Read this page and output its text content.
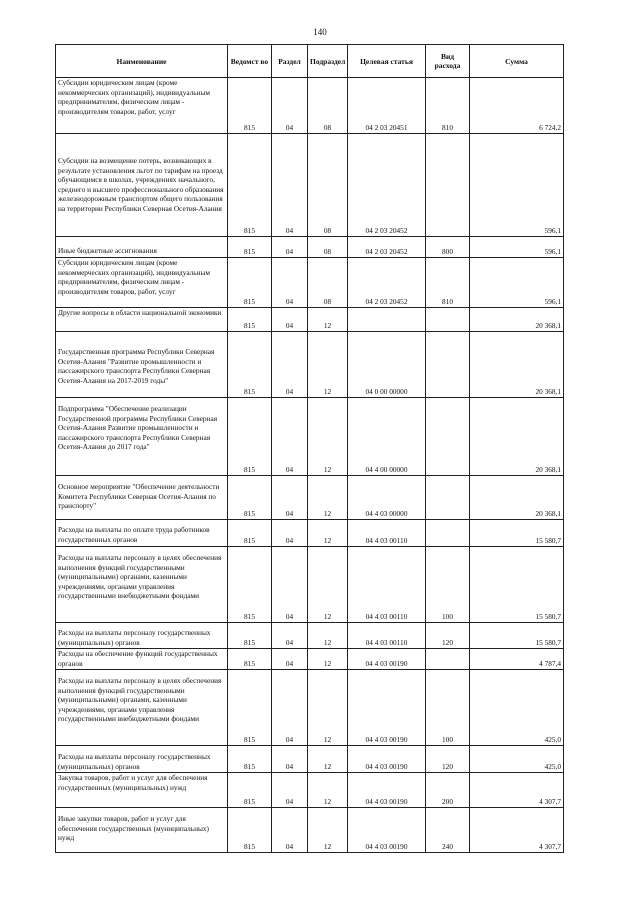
140
Наименование	Ведомст во	Раздел	Подраздел	Целевая статья	Вид расхода	Сумма
Субсидии юридическим лицам (кроме некоммерческих организаций), индивидуальным предпринимателям, физическим лицам - производителям товаров, работ, услуг	815	04	08	04 2 03 20451	810	6 724,2
Субсидии на возмещение потерь, возникающих в результате установления льгот по тарифам на проезд обучающимся в школах, учреждениях начального, среднего и высшего профессионального образования железнодорожным транспортом общего пользования на территории Республики Северная Осетия-Алания	815	04	08	04 2 03 20452		596,1
Иные бюджетные ассигнования	815	04	08	04 2 03 20452	800	596,1
Субсидии юридическим лицам (кроме некоммерческих организаций), индивидуальным предпринимателям, физическим лицам - производителям товаров, работ, услуг	815	04	08	04 2 03 20452	810	596,1
Другие вопросы в области национальной экономики	815	04	12			20 368,1
Государственная программа Республики Северная Осетия-Алания "Развитие промышленности и пассажирского транспорта Республики Северная Осетия-Алания на 2017-2019 годы"	815	04	12	04 0 00 00000		20 368,1
Подпрограмма "Обеспечение реализации Государственной программы Республики Северная Осетия-Алания Развитие промышленности и пассажирского транспорта Республики Северная Осетия-Алания до 2017 года"	815	04	12	04 4 00 00000		20 368,1
Основное мероприятие "Обеспечение деятельности Комитета Республики Северная Осетия-Алания по транспорту"	815	04	12	04 4 03 00000		20 368,1
Расходы на выплаты по оплате труда работников государственных органов	815	04	12	04 4 03 00110		15 580,7
Расходы на выплаты персоналу в целях обеспечения выполнения функций государственными (муниципальными) органами, казенными учреждениями, органами управления государственными внебюджетными фондами	815	04	12	04 4 03 00110	100	15 580,7
Расходы на выплаты персоналу государственных (муниципальных) органов	815	04	12	04 4 03 00110	120	15 580,7
Расходы на обеспечение функций государственных органов	815	04	12	04 4 03 00190		4 787,4
Расходы на выплаты персоналу в целях обеспечения выполнения функций государственными (муниципальными) органами, казенными учреждениями, органами управления государственными внебюджетными фондами	815	04	12	04 4 03 00190	100	425,0
Расходы на выплаты персоналу государственных (муниципальных) органов	815	04	12	04 4 03 00190	120	425,0
Закупка товаров, работ и услуг для обеспечения государственных (муниципальных) нужд	815	04	12	04 4 03 00190	200	4 307,7
Иные закупки товаров, работ и услуг для обеспечения государственных (муниципальных) нужд	815	04	12	04 4 03 00190	240	4 307,7
